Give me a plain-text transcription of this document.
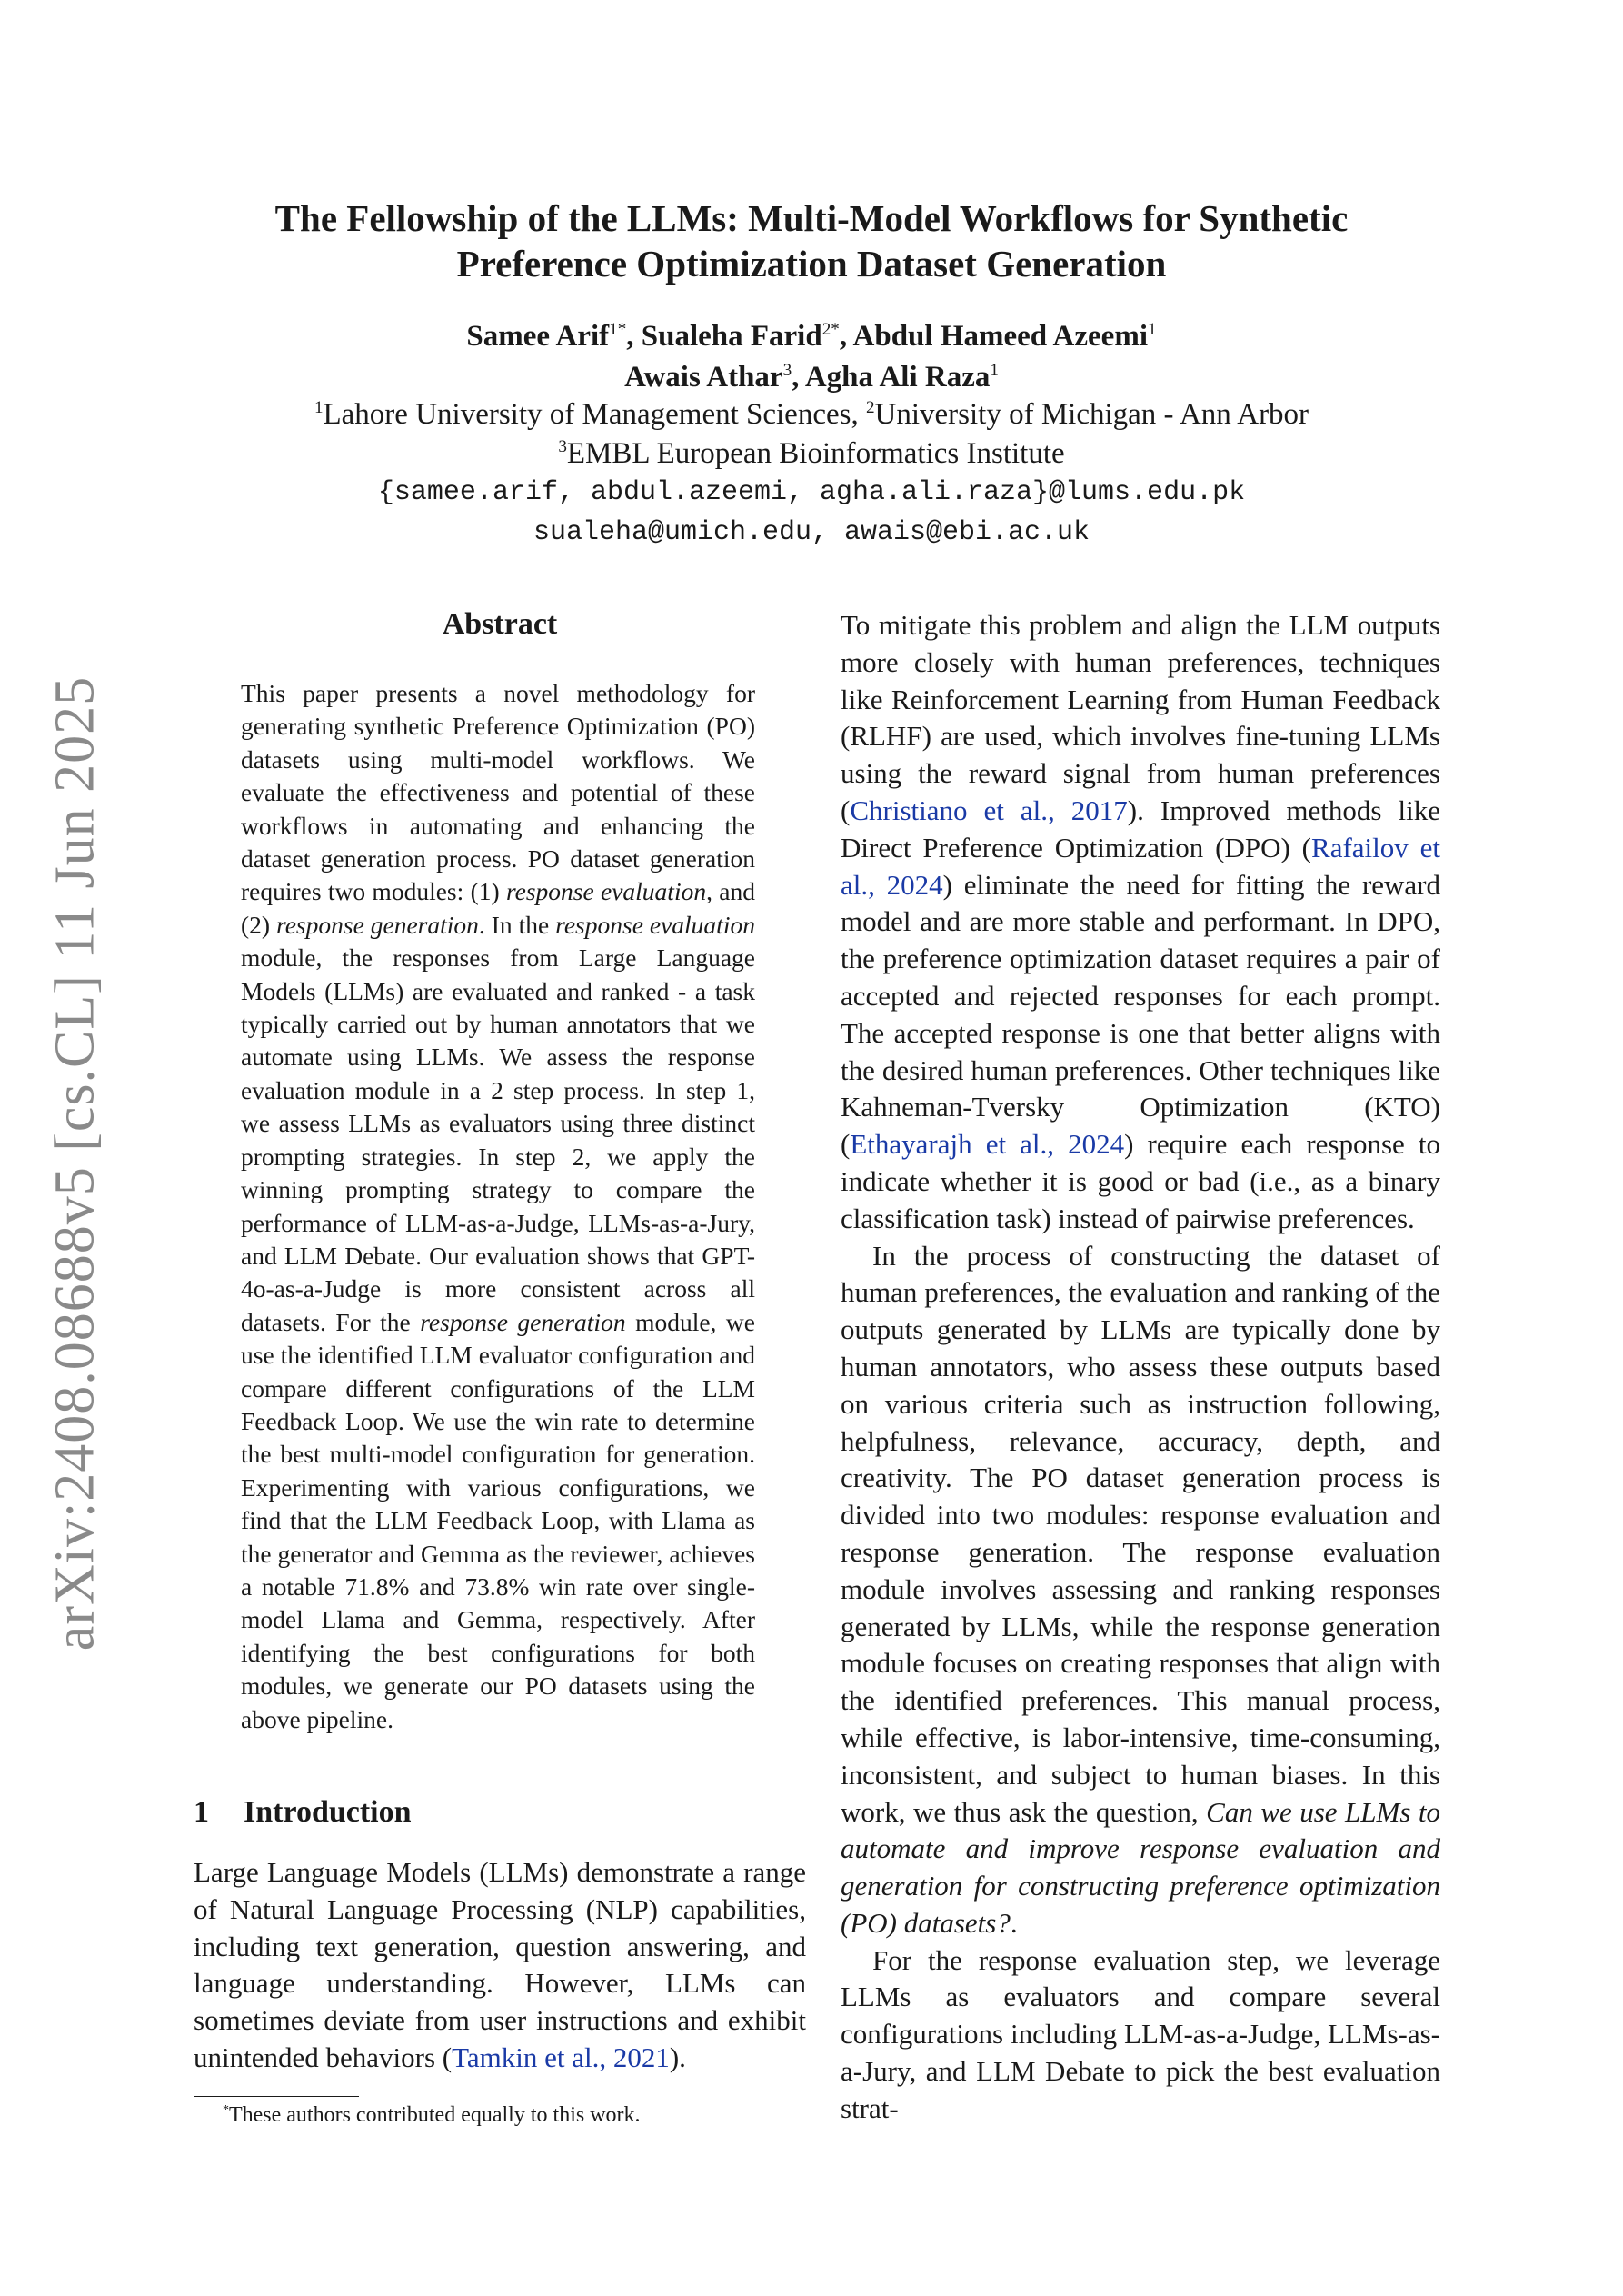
arXiv:2408.08688v5 [cs.CL] 11 Jun 2025
The Fellowship of the LLMs: Multi-Model Workflows for Synthetic
Preference Optimization Dataset Generation
Samee Arif$^{1*}$, Sualeha Farid$^{2*}$, Abdul Hameed Azeemi$^1$
Awais Athar$^3$, Agha Ali Raza$^1$
$^1$Lahore University of Management Sciences, $^2$University of Michigan - Ann Arbor
$^3$EMBL European Bioinformatics Institute
{samee.arif, abdul.azeemi, agha.ali.raza}@lums.edu.pk
sualeha@umich.edu, awais@ebi.ac.uk
Abstract
This paper presents a novel methodology for generating synthetic Preference Optimization (PO) datasets using multi-model workflows. We evaluate the effectiveness and potential of these workflows in automating and enhancing the dataset generation process. PO dataset generation requires two modules: (1) response evaluation, and (2) response generation. In the response evaluation module, the responses from Large Language Models (LLMs) are evaluated and ranked - a task typically carried out by human annotators that we automate using LLMs. We assess the response evaluation module in a 2 step process. In step 1, we assess LLMs as evaluators using three distinct prompting strategies. In step 2, we apply the winning prompting strategy to compare the performance of LLM-as-a-Judge, LLMs-as-a-Jury, and LLM Debate. Our evaluation shows that GPT-4o-as-a-Judge is more consistent across all datasets. For the response generation module, we use the identified LLM evaluator configuration and compare different configurations of the LLM Feedback Loop. We use the win rate to determine the best multi-model configuration for generation. Experimenting with various configurations, we find that the LLM Feedback Loop, with Llama as the generator and Gemma as the reviewer, achieves a notable 71.8% and 73.8% win rate over single-model Llama and Gemma, respectively. After identifying the best configurations for both modules, we generate our PO datasets using the above pipeline.
1 Introduction
Large Language Models (LLMs) demonstrate a range of Natural Language Processing (NLP) capabilities, including text generation, question answering, and language understanding. However, LLMs can sometimes deviate from user instructions and exhibit unintended behaviors (Tamkin et al., 2021).
*These authors contributed equally to this work.

To mitigate this problem and align the LLM outputs more closely with human preferences, techniques like Reinforcement Learning from Human Feedback (RLHF) are used, which involves fine-tuning LLMs using the reward signal from human preferences (Christiano et al., 2017). Improved methods like Direct Preference Optimization (DPO) (Rafailov et al., 2024) eliminate the need for fitting the reward model and are more stable and performant. In DPO, the preference optimization dataset requires a pair of accepted and rejected responses for each prompt. The accepted response is one that better aligns with the desired human preferences. Other techniques like Kahneman-Tversky Optimization (KTO) (Ethayarajh et al., 2024) require each response to indicate whether it is good or bad (i.e., as a binary classification task) instead of pairwise preferences.

In the process of constructing the dataset of human preferences, the evaluation and ranking of the outputs generated by LLMs are typically done by human annotators, who assess these outputs based on various criteria such as instruction following, helpfulness, relevance, accuracy, depth, and creativity. The PO dataset generation process is divided into two modules: response evaluation and response generation. The response evaluation module involves assessing and ranking responses generated by LLMs, while the response generation module focuses on creating responses that align with the identified preferences. This manual process, while effective, is labor-intensive, time-consuming, inconsistent, and subject to human biases. In this work, we thus ask the question, Can we use LLMs to automate and improve response evaluation and generation for constructing preference optimization (PO) datasets?.

For the response evaluation step, we leverage LLMs as evaluators and compare several configurations including LLM-as-a-Judge, LLMs-as-a-Jury, and LLM Debate to pick the best evaluation strat-
